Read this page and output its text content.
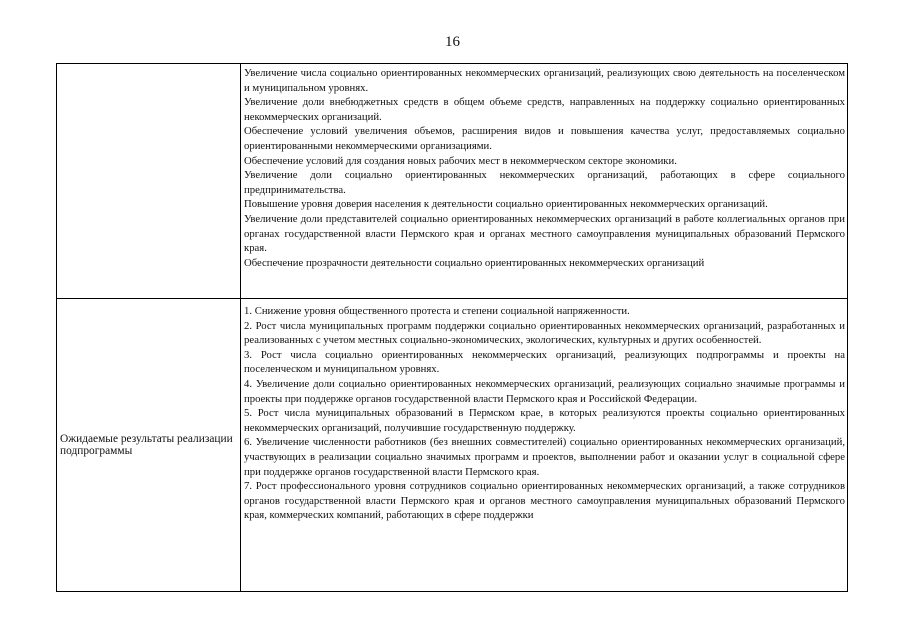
16

Увеличение числа социально ориентированных некоммерческих организаций, реализующих свою деятельность на поселенческом и муниципальном уровнях.

Увеличение доли внебюджетных средств в общем объеме средств, направленных на поддержку социально ориентированных некоммерческих организаций.

Обеспечение условий увеличения объемов, расширения видов и повышения качества услуг, предоставляемых социально ориентированными некоммерческими организациями.

Обеспечение условий для создания новых рабочих мест в некоммерческом секторе экономики.

Увеличение доли социально ориентированных некоммерческих организаций, работающих в сфере социального предпринимательства.

Повышение уровня доверия населения к деятельности социально ориентированных некоммерческих организаций.

Увеличение доли представителей социально ориентированных некоммерческих организаций в работе коллегиальных органов при органах государственной власти Пермского края и органах местного самоуправления муниципальных образований Пермского края.

Обеспечение прозрачности деятельности социально ориентированных некоммерческих организаций

Ожидаемые результаты реализации подпрограммы

1. Снижение уровня общественного протеста и степени социальной напряженности.

2. Рост числа муниципальных программ поддержки социально ориентированных некоммерческих организаций, разработанных и реализованных с учетом местных социально-экономических, экологических, культурных и других особенностей.

3. Рост числа социально ориентированных некоммерческих организаций, реализующих подпрограммы и проекты на поселенческом и муниципальном уровнях.

4. Увеличение доли социально ориентированных некоммерческих организаций, реализующих социально значимые программы и проекты при поддержке органов государственной власти Пермского края и Российской Федерации.

5. Рост числа муниципальных образований в Пермском крае, в которых реализуются проекты социально ориентированных некоммерческих организаций, получившие государственную поддержку.

6. Увеличение численности работников (без внешних совместителей) социально ориентированных некоммерческих организаций, участвующих в реализации социально значимых программ и проектов, выполнении работ и оказании услуг в социальной сфере при поддержке органов государственной власти Пермского края.

7. Рост профессионального уровня сотрудников социально ориентированных некоммерческих организаций, а также сотрудников органов государственной власти Пермского края и органов местного самоуправления муниципальных образований Пермского края, коммерческих компаний, работающих в сфере поддержки
